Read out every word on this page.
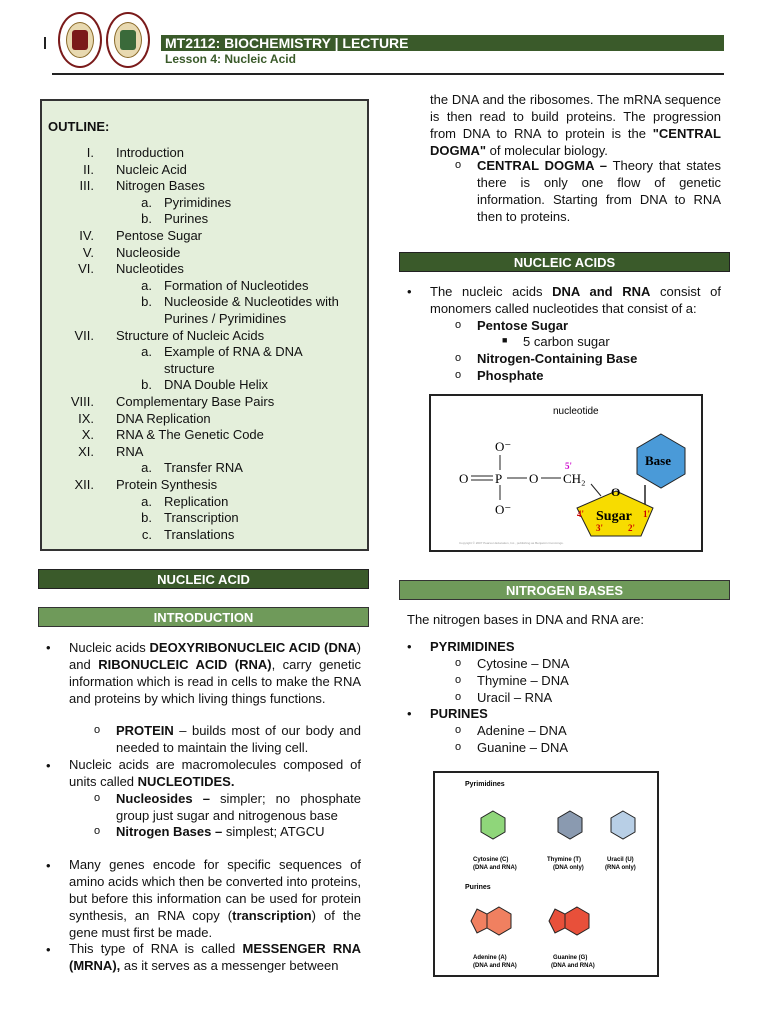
MT2112: BIOCHEMISTRY | LECTURE
Lesson 4: Nucleic Acid
OUTLINE:
I. Introduction
II. Nucleic Acid
III. Nitrogen Bases
a. Pyrimidines
b. Purines
IV. Pentose Sugar
V. Nucleoside
VI. Nucleotides
a. Formation of Nucleotides
b. Nucleoside & Nucleotides with
Purines / Pyrimidines
VII. Structure of Nucleic Acids
a. Example of RNA & DNA
structure
b. DNA Double Helix
VIII. Complementary Base Pairs
IX. DNA Replication
X. RNA & The Genetic Code
XI. RNA
a. Transfer RNA
XII. Protein Synthesis
a. Replication
b. Transcription
c. Translations
NUCLEIC ACID
INTRODUCTION
• Nucleic acids DEOXYRIBONUCLEIC ACID (DNA) and RIBONUCLEIC ACID (RNA), carry genetic information which is read in cells to make the RNA and proteins by which living things functions.
o PROTEIN – builds most of our body and needed to maintain the living cell.
• Nucleic acids are macromolecules composed of units called NUCLEOTIDES.
o Nucleosides – simpler; no phosphate group just sugar and nitrogenous base
o Nitrogen Bases – simplest; ATGCU
• Many genes encode for specific sequences of amino acids which then be converted into proteins, but before this information can be used for protein synthesis, an RNA copy (transcription) of the gene must first be made.
• This type of RNA is called MESSENGER RNA (MRNA), as it serves as a messenger between
the DNA and the ribosomes. The mRNA sequence is then read to build proteins. The progression from DNA to RNA to protein is the "CENTRAL DOGMA" of molecular biology.
o CENTRAL DOGMA – Theory that states there is only one flow of genetic information. Starting from DNA to RNA then to proteins.
NUCLEIC ACIDS
• The nucleic acids DNA and RNA consist of monomers called nucleotides that consist of a:
o Pentose Sugar
■ 5 carbon sugar
o Nitrogen-Containing Base
o Phosphate
nucleotide
Base
Sugar
O
4'	1'
3'	2'
5'
O⁻
O P
O⁻
O CH₂
Copyright © 2007 Pearson Education, Inc., publishing as Benjamin Cummings.
NITROGEN BASES
The nitrogen bases in DNA and RNA are:
• PYRIMIDINES
o Cytosine – DNA
o Thymine – DNA
o Uracil – RNA
• PURINES
o Adenine – DNA
o Guanine – DNA
Pyrimidines
Cytosine (C)
(DNA and RNA)
Thymine (T)
(DNA only)
Uracil (U)
(RNA only)
Purines
Adenine (A)
(DNA and RNA)
Guanine (G)
(DNA and RNA)
